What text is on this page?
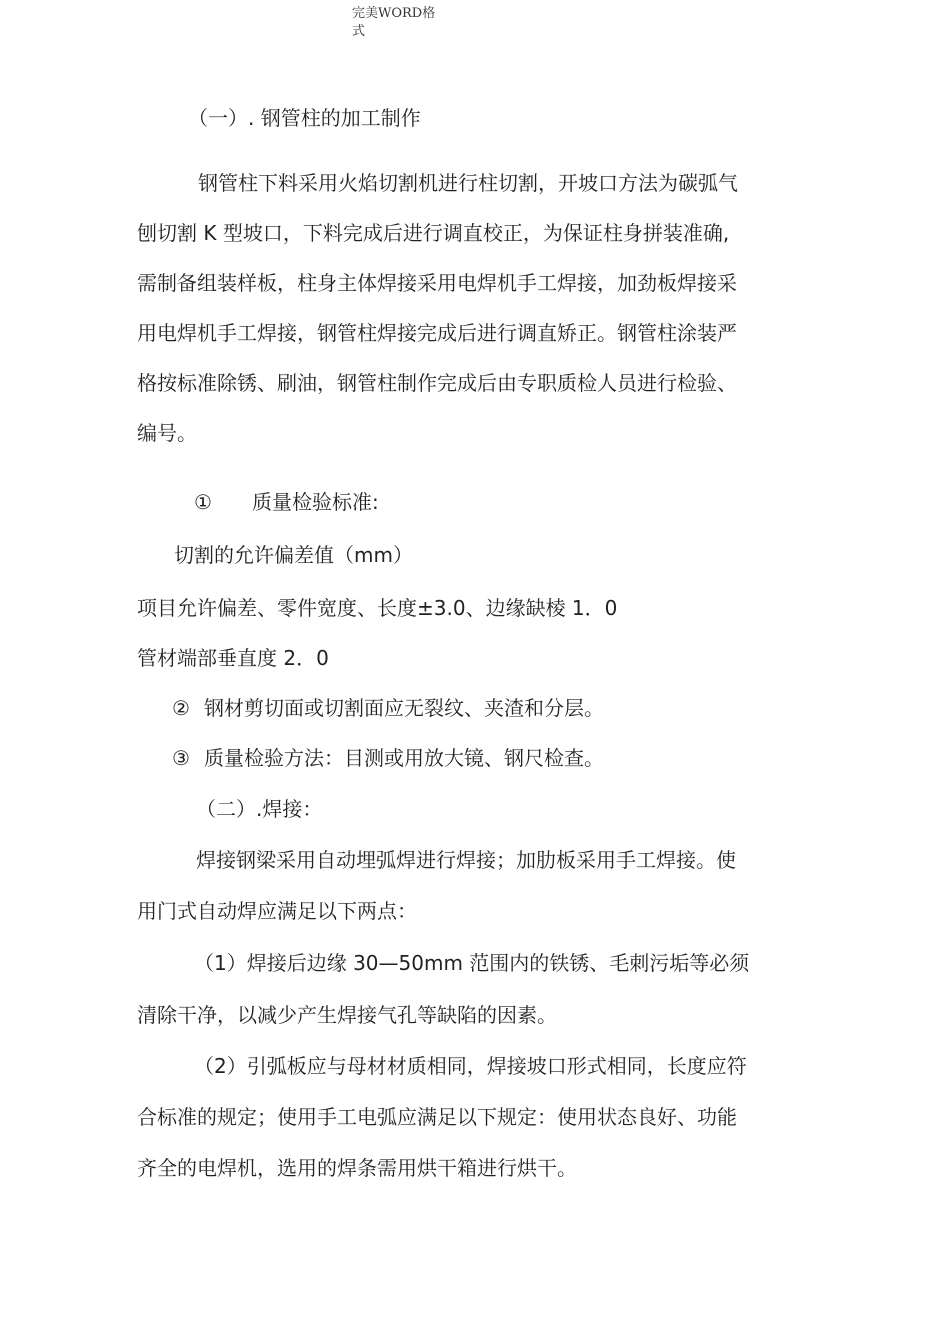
完美WORD格
式
（一）. 钢管柱的加工制作
钢管柱下料采用火焰切割机进行柱切割，开坡口方法为碳弧气
刨切割 K 型坡口，下料完成后进行调直校正，为保证柱身拼装准确,
需制备组装样板，柱身主体焊接采用电焊机手工焊接，加劲板焊接采
用电焊机手工焊接，钢管柱焊接完成后进行调直矫正。钢管柱涂装严
格按标准除锈、刷油，钢管柱制作完成后由专职质检人员进行检验、
编号。
① 质量检验标准:
切割的允许偏差值（mm）
项目允许偏差、零件宽度、长度±3.0、边缘缺棱 1．0
管材端部垂直度 2．0
② 钢材剪切面或切割面应无裂纹、夹渣和分层。
③ 质量检验方法：目测或用放大镜、钢尺检查。
（二）.焊接：
焊接钢梁采用自动埋弧焊进行焊接；加肋板采用手工焊接。使
用门式自动焊应满足以下两点：
（1）焊接后边缘 30—50mm 范围内的铁锈、毛刺污垢等必须
清除干净，以减少产生焊接气孔等缺陷的因素。
（2）引弧板应与母材材质相同，焊接坡口形式相同，长度应符
合标准的规定；使用手工电弧应满足以下规定：使用状态良好、功能
齐全的电焊机，选用的焊条需用烘干箱进行烘干。
